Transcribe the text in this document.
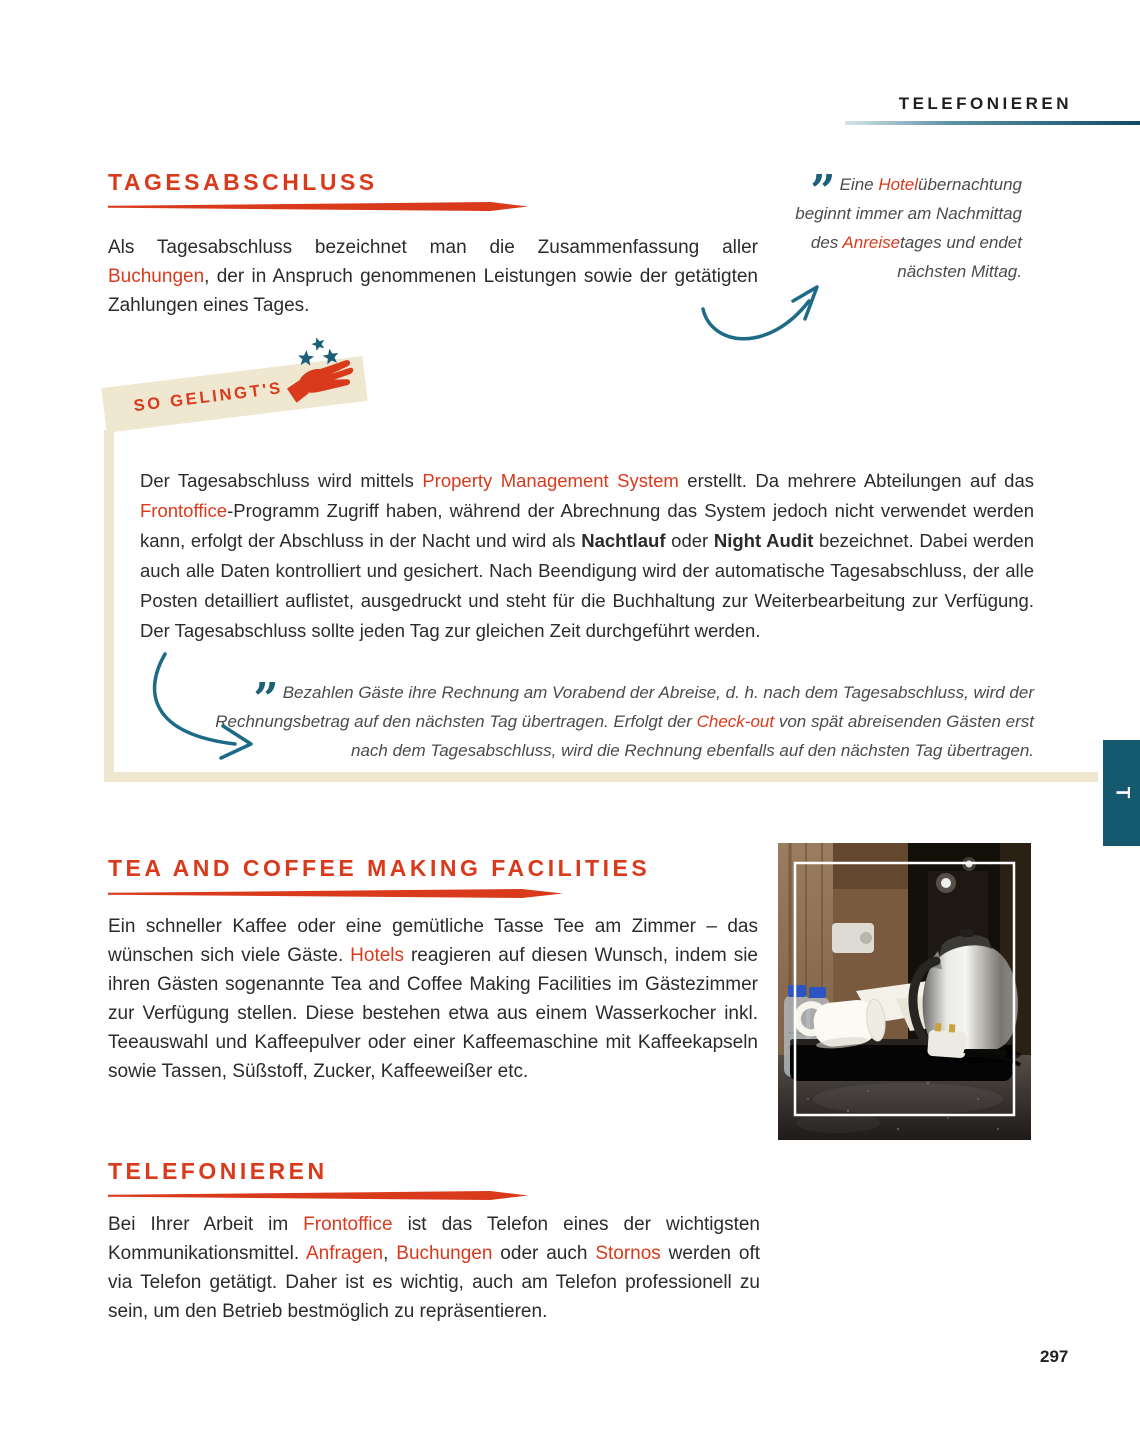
TELEFONIEREN
TAGESABSCHLUSS

Als Tagesabschluss bezeichnet man die Zusammenfassung aller Buchungen, der in Anspruch genommenen Leistungen sowie der getätigten Zahlungen eines Tages.

” Eine Hotelübernachtung beginnt immer am Nachmittag des Anreisetages und endet nächsten Mittag.
SO GELINGT'S

Der Tagesabschluss wird mittels Property Management System erstellt. Da mehrere Abteilungen auf das Frontoffice-Programm Zugriff haben, während der Abrechnung das System jedoch nicht verwendet werden kann, erfolgt der Abschluss in der Nacht und wird als Nachtlauf oder Night Audit bezeichnet. Dabei werden auch alle Daten kontrolliert und gesichert. Nach Beendigung wird der automatische Tagesabschluss, der alle Posten detailliert auflistet, ausgedruckt und steht für die Buchhaltung zur Weiterbearbeitung zur Verfügung. Der Tagesabschluss sollte jeden Tag zur gleichen Zeit durchgeführt werden.

” Bezahlen Gäste ihre Rechnung am Vorabend der Abreise, d. h. nach dem Tagesabschluss, wird der Rechnungsbetrag auf den nächsten Tag übertragen. Erfolgt der Check-out von spät abreisenden Gästen erst nach dem Tagesabschluss, wird die Rechnung ebenfalls auf den nächsten Tag übertragen.
T
TEA AND COFFEE MAKING FACILITIES

Ein schneller Kaffee oder eine gemütliche Tasse Tee am Zimmer – das wünschen sich viele Gäste. Hotels reagieren auf diesen Wunsch, indem sie ihren Gästen sogenannte Tea and Coffee Making Facilities im Gästezimmer zur Verfügung stellen. Diese bestehen etwa aus einem Wasserkocher inkl. Teeauswahl und Kaffeepulver oder einer Kaffeemaschine mit Kaffeekapseln sowie Tassen, Süßstoff, Zucker, Kaffeeweißer etc.

TELEFONIEREN

Bei Ihrer Arbeit im Frontoffice ist das Telefon eines der wichtigsten Kommunikationsmittel. Anfragen, Buchungen oder auch Stornos werden oft via Telefon getätigt. Daher ist es wichtig, auch am Telefon professionell zu sein, um den Betrieb bestmöglich zu repräsentieren.

297
